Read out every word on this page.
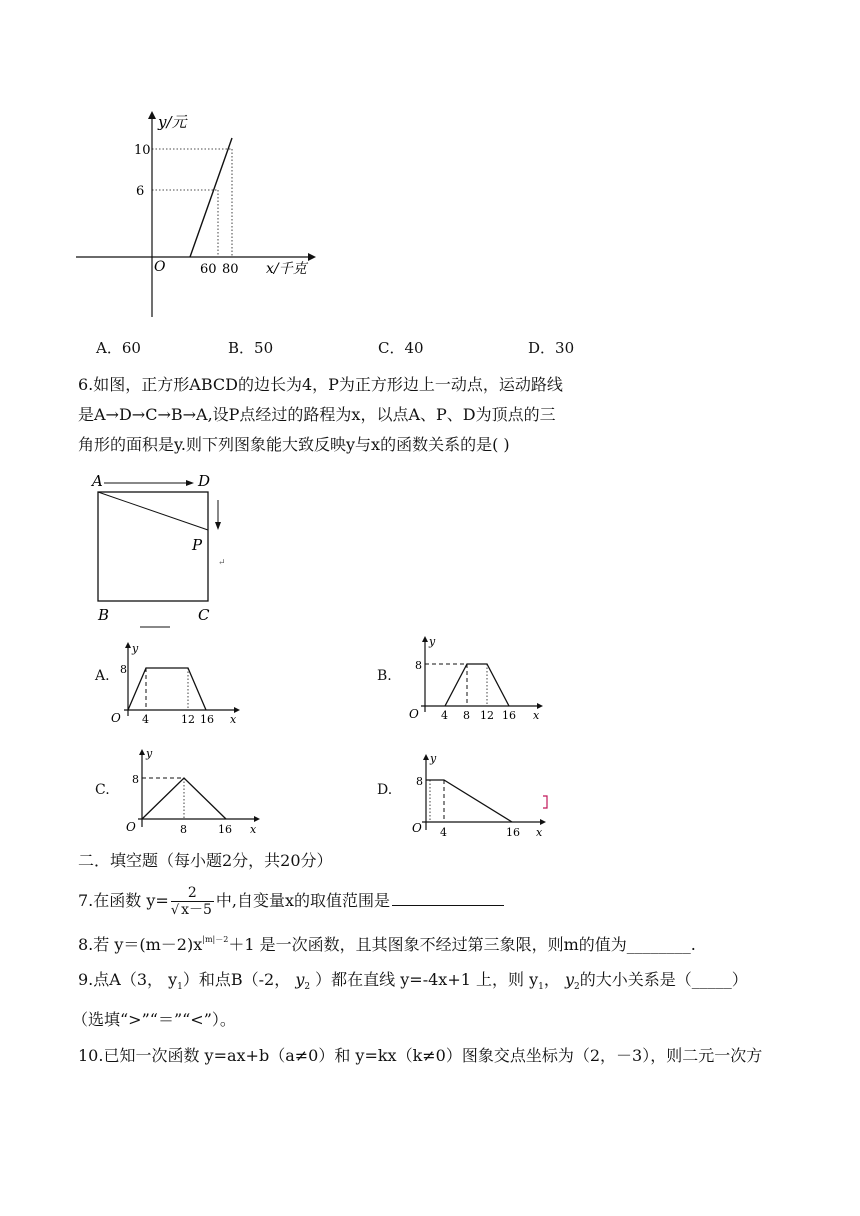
y/元
x/千克
O
10
6
60 80
A．60	B．50	C．40	D．30
6.如图，正方形ABCD的边长为4，P为正方形边上一动点，运动路线
是A→D→C→B→A,设P点经过的路程为x，以点A、P、D为顶点的三
角形的面积是y.则下列图象能大致反映y与x的函数关系的是( )
A	D
P
B	C
↵
A.
y
8
O 4	12 16 x
B.
y
8
O 4 8 12 16 x
C.
y
8
O	8	16 x
D.
y
8
O 4	16 x
二．填空题（每小题2分，共20分）
7.在函数 $y= \frac{2}{√ x-5}$ 中,自变量x的取值范围是
8.若 $y=(m-2)x^{|m|-2}+1$ 是一次函数，且其图象不经过第三象限，则m的值为________.
9.点A（3， $y_1$）和点B（-2， $y_2$ ）都在直线 y=-4x+1 上，则 $y_1$， $y_2$的大小关系是（_____）
（选填“>”“＝”“<”）。
10.已知一次函数 y=ax+b（a≠0）和 y=kx（k≠0）图象交点坐标为（2，－3），则二元一次方
